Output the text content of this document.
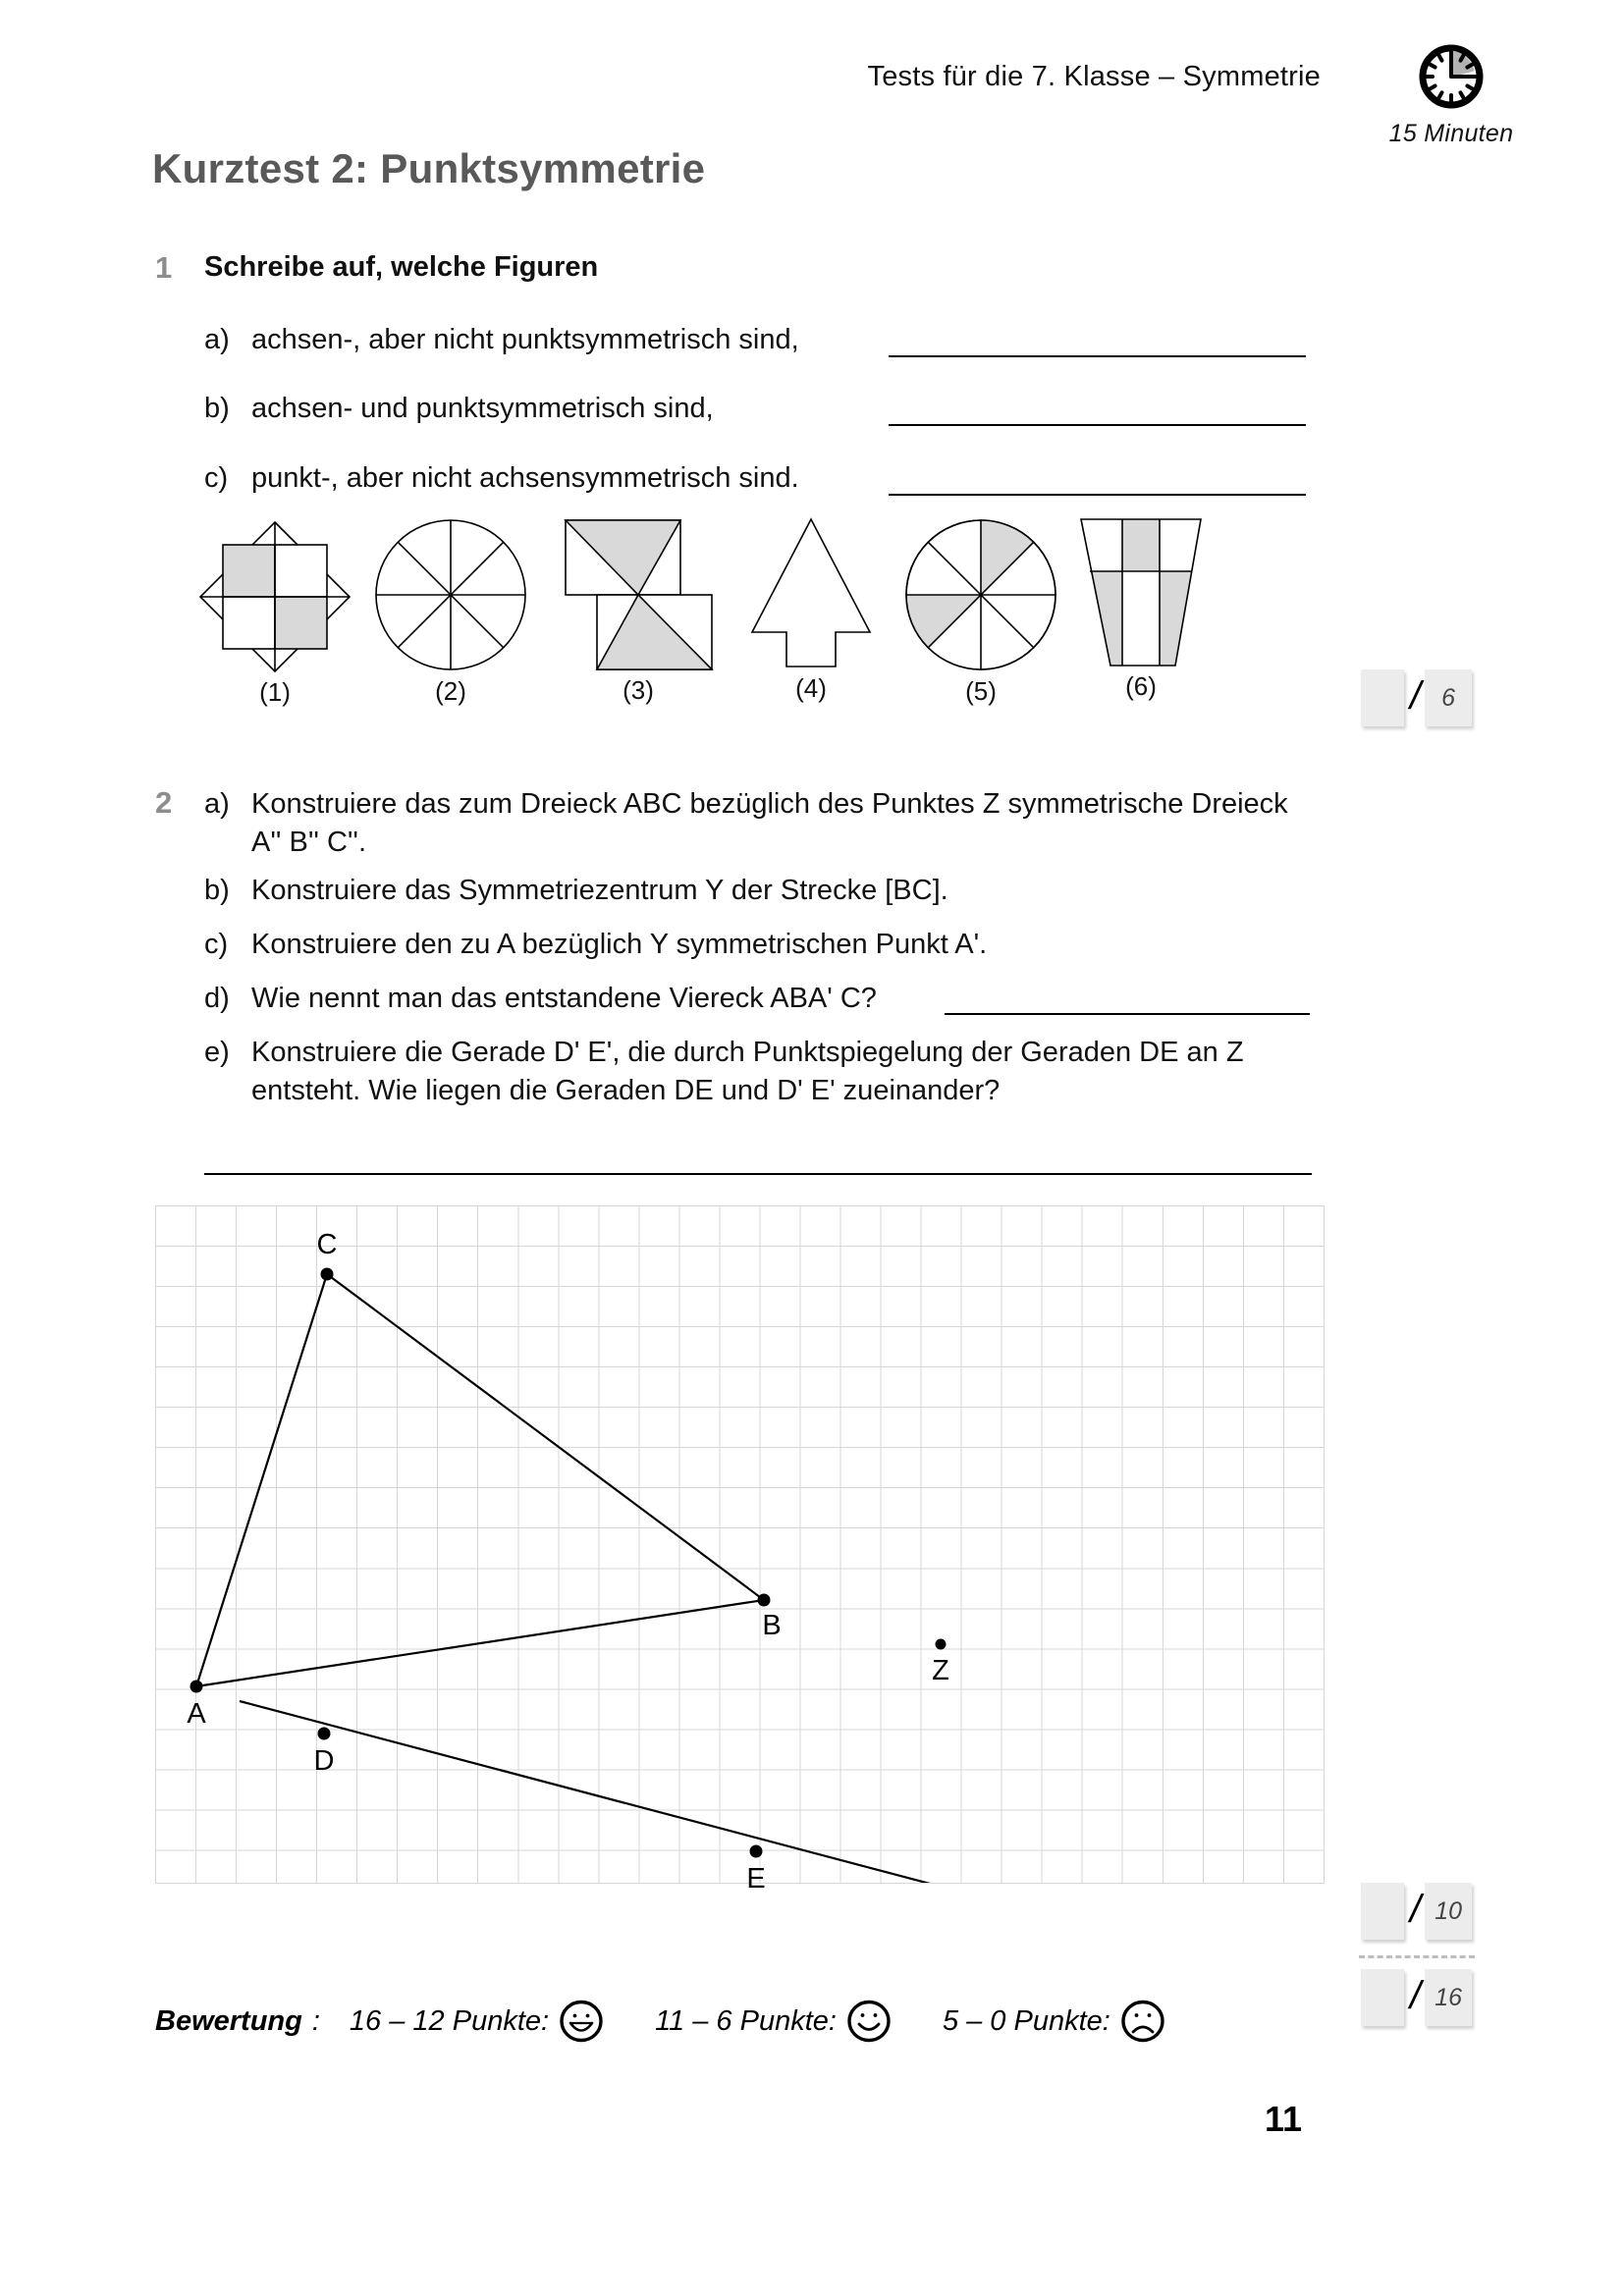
Tests für die 7. Klasse – Symmetrie
15 Minuten
Kurztest 2: Punktsymmetrie
1 Schreibe auf, welche Figuren
a) achsen-, aber nicht punktsymmetrisch sind,
b) achsen- und punktsymmetrisch sind,
c) punkt-, aber nicht achsensymmetrisch sind.
(1)	(2)	(3)	(4)	(5)	(6)	/ 6
2 a) Konstruiere das zum Dreieck ABC bezüglich des Punktes Z symmetrische Dreieck A'' B'' C''.
b) Konstruiere das Symmetriezentrum Y der Strecke [BC].
c) Konstruiere den zu A bezüglich Y symmetrischen Punkt A'.
d) Wie nennt man das entstandene Viereck ABA' C?
e) Konstruiere die Gerade D' E', die durch Punktspiegelung der Geraden DE an Z entsteht. Wie liegen die Geraden DE und D' E' zueinander?
C
B
A
Z
D
E
/ 10
/ 16
Bewertung : 16 – 12 Punkte:	11 – 6 Punkte:	5 – 0 Punkte:
11
